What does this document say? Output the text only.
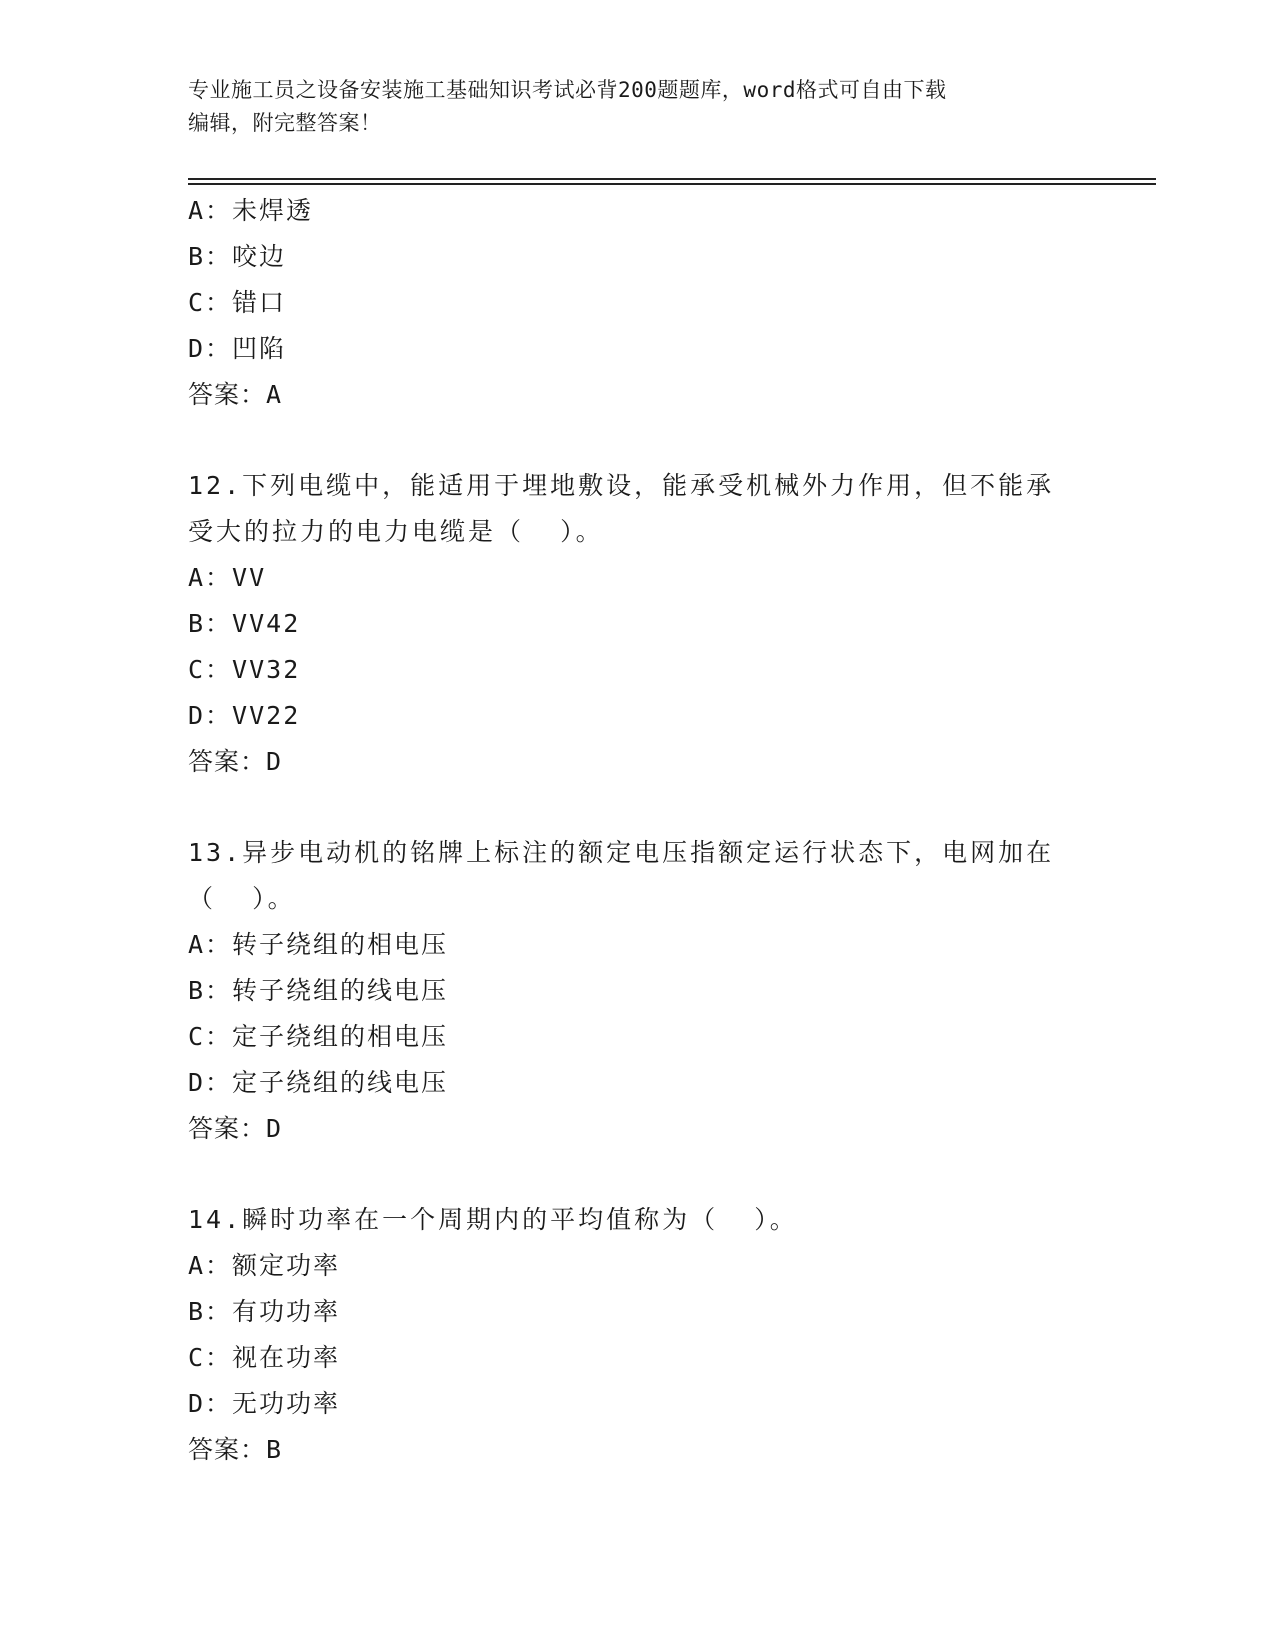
专业施工员之设备安装施工基础知识考试必背200题题库，word格式可自由下载
编辑，附完整答案！
A：未焊透
B：咬边
C：错口
D：凹陷
答案：A
12.下列电缆中，能适用于埋地敷设，能承受机械外力作用，但不能承
受大的拉力的电力电缆是（  ）。
A：VV
B：VV42
C：VV32
D：VV22
答案：D
13.异步电动机的铭牌上标注的额定电压指额定运行状态下，电网加在
（  ）。
A：转子绕组的相电压
B：转子绕组的线电压
C：定子绕组的相电压
D：定子绕组的线电压
答案：D
14.瞬时功率在一个周期内的平均值称为（  ）。
A：额定功率
B：有功功率
C：视在功率
D：无功功率
答案：B
